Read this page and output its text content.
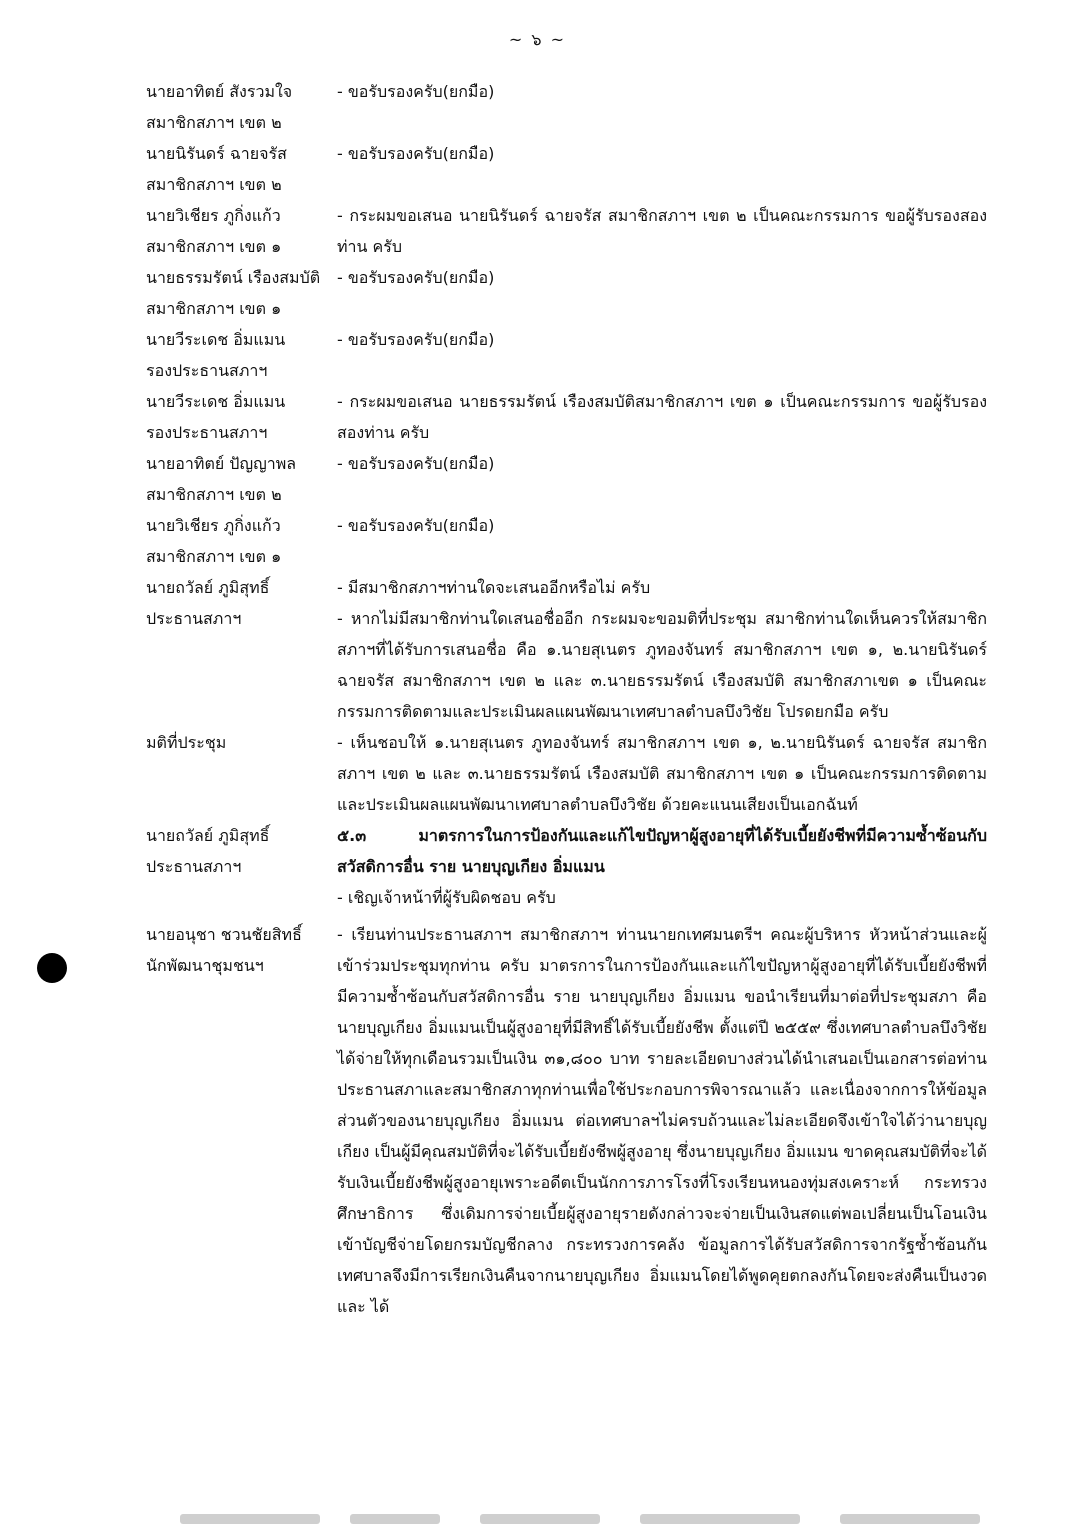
~ ๖ ~
นายอาทิตย์ สังรวมใจ
สมาชิกสภาฯ เขต ๒

- ขอรับรองครับ(ยกมือ)

นายนิรันดร์ ฉายจรัส
สมาชิกสภาฯ เขต ๒

- ขอรับรองครับ(ยกมือ)

นายวิเชียร ภูกิ่งแก้ว
สมาชิกสภาฯ เขต ๑

- กระผมขอเสนอ นายนิรันดร์ ฉายจรัส สมาชิกสภาฯ เขต ๒ เป็นคณะกรรมการ ขอผู้รับรองสองท่าน ครับ

นายธรรมรัตน์ เรืองสมบัติ
สมาชิกสภาฯ เขต ๑

- ขอรับรองครับ(ยกมือ)

นายวีระเดช อิ่มแมน
รองประธานสภาฯ

- ขอรับรองครับ(ยกมือ)

นายวีระเดช อิ่มแมน
รองประธานสภาฯ

- กระผมขอเสนอ นายธรรมรัตน์ เรืองสมบัติสมาชิกสภาฯ เขต ๑ เป็นคณะกรรมการ ขอผู้รับรองสองท่าน ครับ

นายอาทิตย์ ปัญญาพล
สมาชิกสภาฯ เขต ๒

- ขอรับรองครับ(ยกมือ)

นายวิเชียร ภูกิ่งแก้ว
สมาชิกสภาฯ เขต ๑

- ขอรับรองครับ(ยกมือ)

นายถวัลย์ ภูมิสุทธิ์
ประธานสภาฯ

- มีสมาชิกสภาฯท่านใดจะเสนออีกหรือไม่ ครับ

- หากไม่มีสมาชิกท่านใดเสนอชื่ออีก กระผมจะขอมติที่ประชุม สมาชิกท่านใดเห็นควรให้สมาชิกสภาฯที่ได้รับการเสนอชื่อ คือ ๑.นายสุเนตร ภูทองจันทร์ สมาชิกสภาฯ เขต ๑, ๒.นายนิรันดร์ ฉายจรัส สมาชิกสภาฯ เขต ๒ และ ๓.นายธรรมรัตน์ เรืองสมบัติ สมาชิกสภาเขต ๑ เป็นคณะกรรมการติดตามและประเมินผลแผนพัฒนาเทศบาลตำบลบึงวิชัย โปรดยกมือ ครับ

มติที่ประชุม	- เห็นชอบให้ ๑.นายสุเนตร ภูทองจันทร์ สมาชิกสภาฯ เขต ๑, ๒.นายนิรันดร์ ฉายจรัส สมาชิกสภาฯ เขต ๒ และ ๓.นายธรรมรัตน์ เรืองสมบัติ สมาชิกสภาฯ เขต ๑ เป็นคณะกรรมการติดตามและประเมินผลแผนพัฒนาเทศบาลตำบลบึงวิชัย ด้วยคะแนนเสียงเป็นเอกฉันท์

นายถวัลย์ ภูมิสุทธิ์
ประธานสภาฯ

๕.๓ มาตรการในการป้องกันและแก้ไขปัญหาผู้สูงอายุที่ได้รับเบี้ยยังชีพที่มีความซ้ำซ้อนกับสวัสดิการอื่น ราย นายบุญเกียง อิ่มแมน

- เชิญเจ้าหน้าที่ผู้รับผิดชอบ ครับ

นายอนุชา ชวนชัยสิทธิ์
นักพัฒนาชุมชนฯ

- เรียนท่านประธานสภาฯ สมาชิกสภาฯ ท่านนายกเทศมนตรีฯ คณะผู้บริหาร หัวหน้าส่วนและผู้เข้าร่วมประชุมทุกท่าน ครับ มาตรการในการป้องกันและแก้ไขปัญหาผู้สูงอายุที่ได้รับเบี้ยยังชีพที่มีความซ้ำซ้อนกับสวัสดิการอื่น ราย นายบุญเกียง อิ่มแมน ขอนำเรียนที่มาต่อที่ประชุมสภา คือนายบุญเกียง อิ่มแมนเป็นผู้สูงอายุที่มีสิทธิ์ได้รับเบี้ยยังชีพ ตั้งแต่ปี ๒๕๕๙ ซึ่งเทศบาลตำบลบึงวิชัยได้จ่ายให้ทุกเดือนรวมเป็นเงิน ๓๑,๘๐๐ บาท รายละเอียดบางส่วนได้นำเสนอเป็นเอกสารต่อท่านประธานสภาและสมาชิกสภาทุกท่านเพื่อใช้ประกอบการพิจารณาแล้ว และเนื่องจากการให้ข้อมูลส่วนตัวของนายบุญเกียง อิ่มแมน ต่อเทศบาลฯไม่ครบถ้วนและไม่ละเอียดจึงเข้าใจได้ว่านายบุญเกียง เป็นผู้มีคุณสมบัติที่จะได้รับเบี้ยยังชีพผู้สูงอายุ ซึ่งนายบุญเกียง อิ่มแมน ขาดคุณสมบัติที่จะได้รับเงินเบี้ยยังชีพผู้สูงอายุเพราะอดีตเป็นนักการภารโรงที่โรงเรียนหนองทุ่มสงเคราะห์ กระทรวงศึกษาธิการ ซึ่งเดิมการจ่ายเบี้ยผู้สูงอายุรายดังกล่าวจะจ่ายเป็นเงินสดแต่พอเปลี่ยนเป็นโอนเงินเข้าบัญชีจ่ายโดยกรมบัญชีกลาง กระทรวงการคลัง ข้อมูลการได้รับสวัสดิการจากรัฐซ้ำซ้อนกัน เทศบาลจึงมีการเรียกเงินคืนจากนายบุญเกียง อิ่มแมนโดยได้พูดคุยตกลงกันโดยจะส่งคืนเป็นงวด และ ได้
